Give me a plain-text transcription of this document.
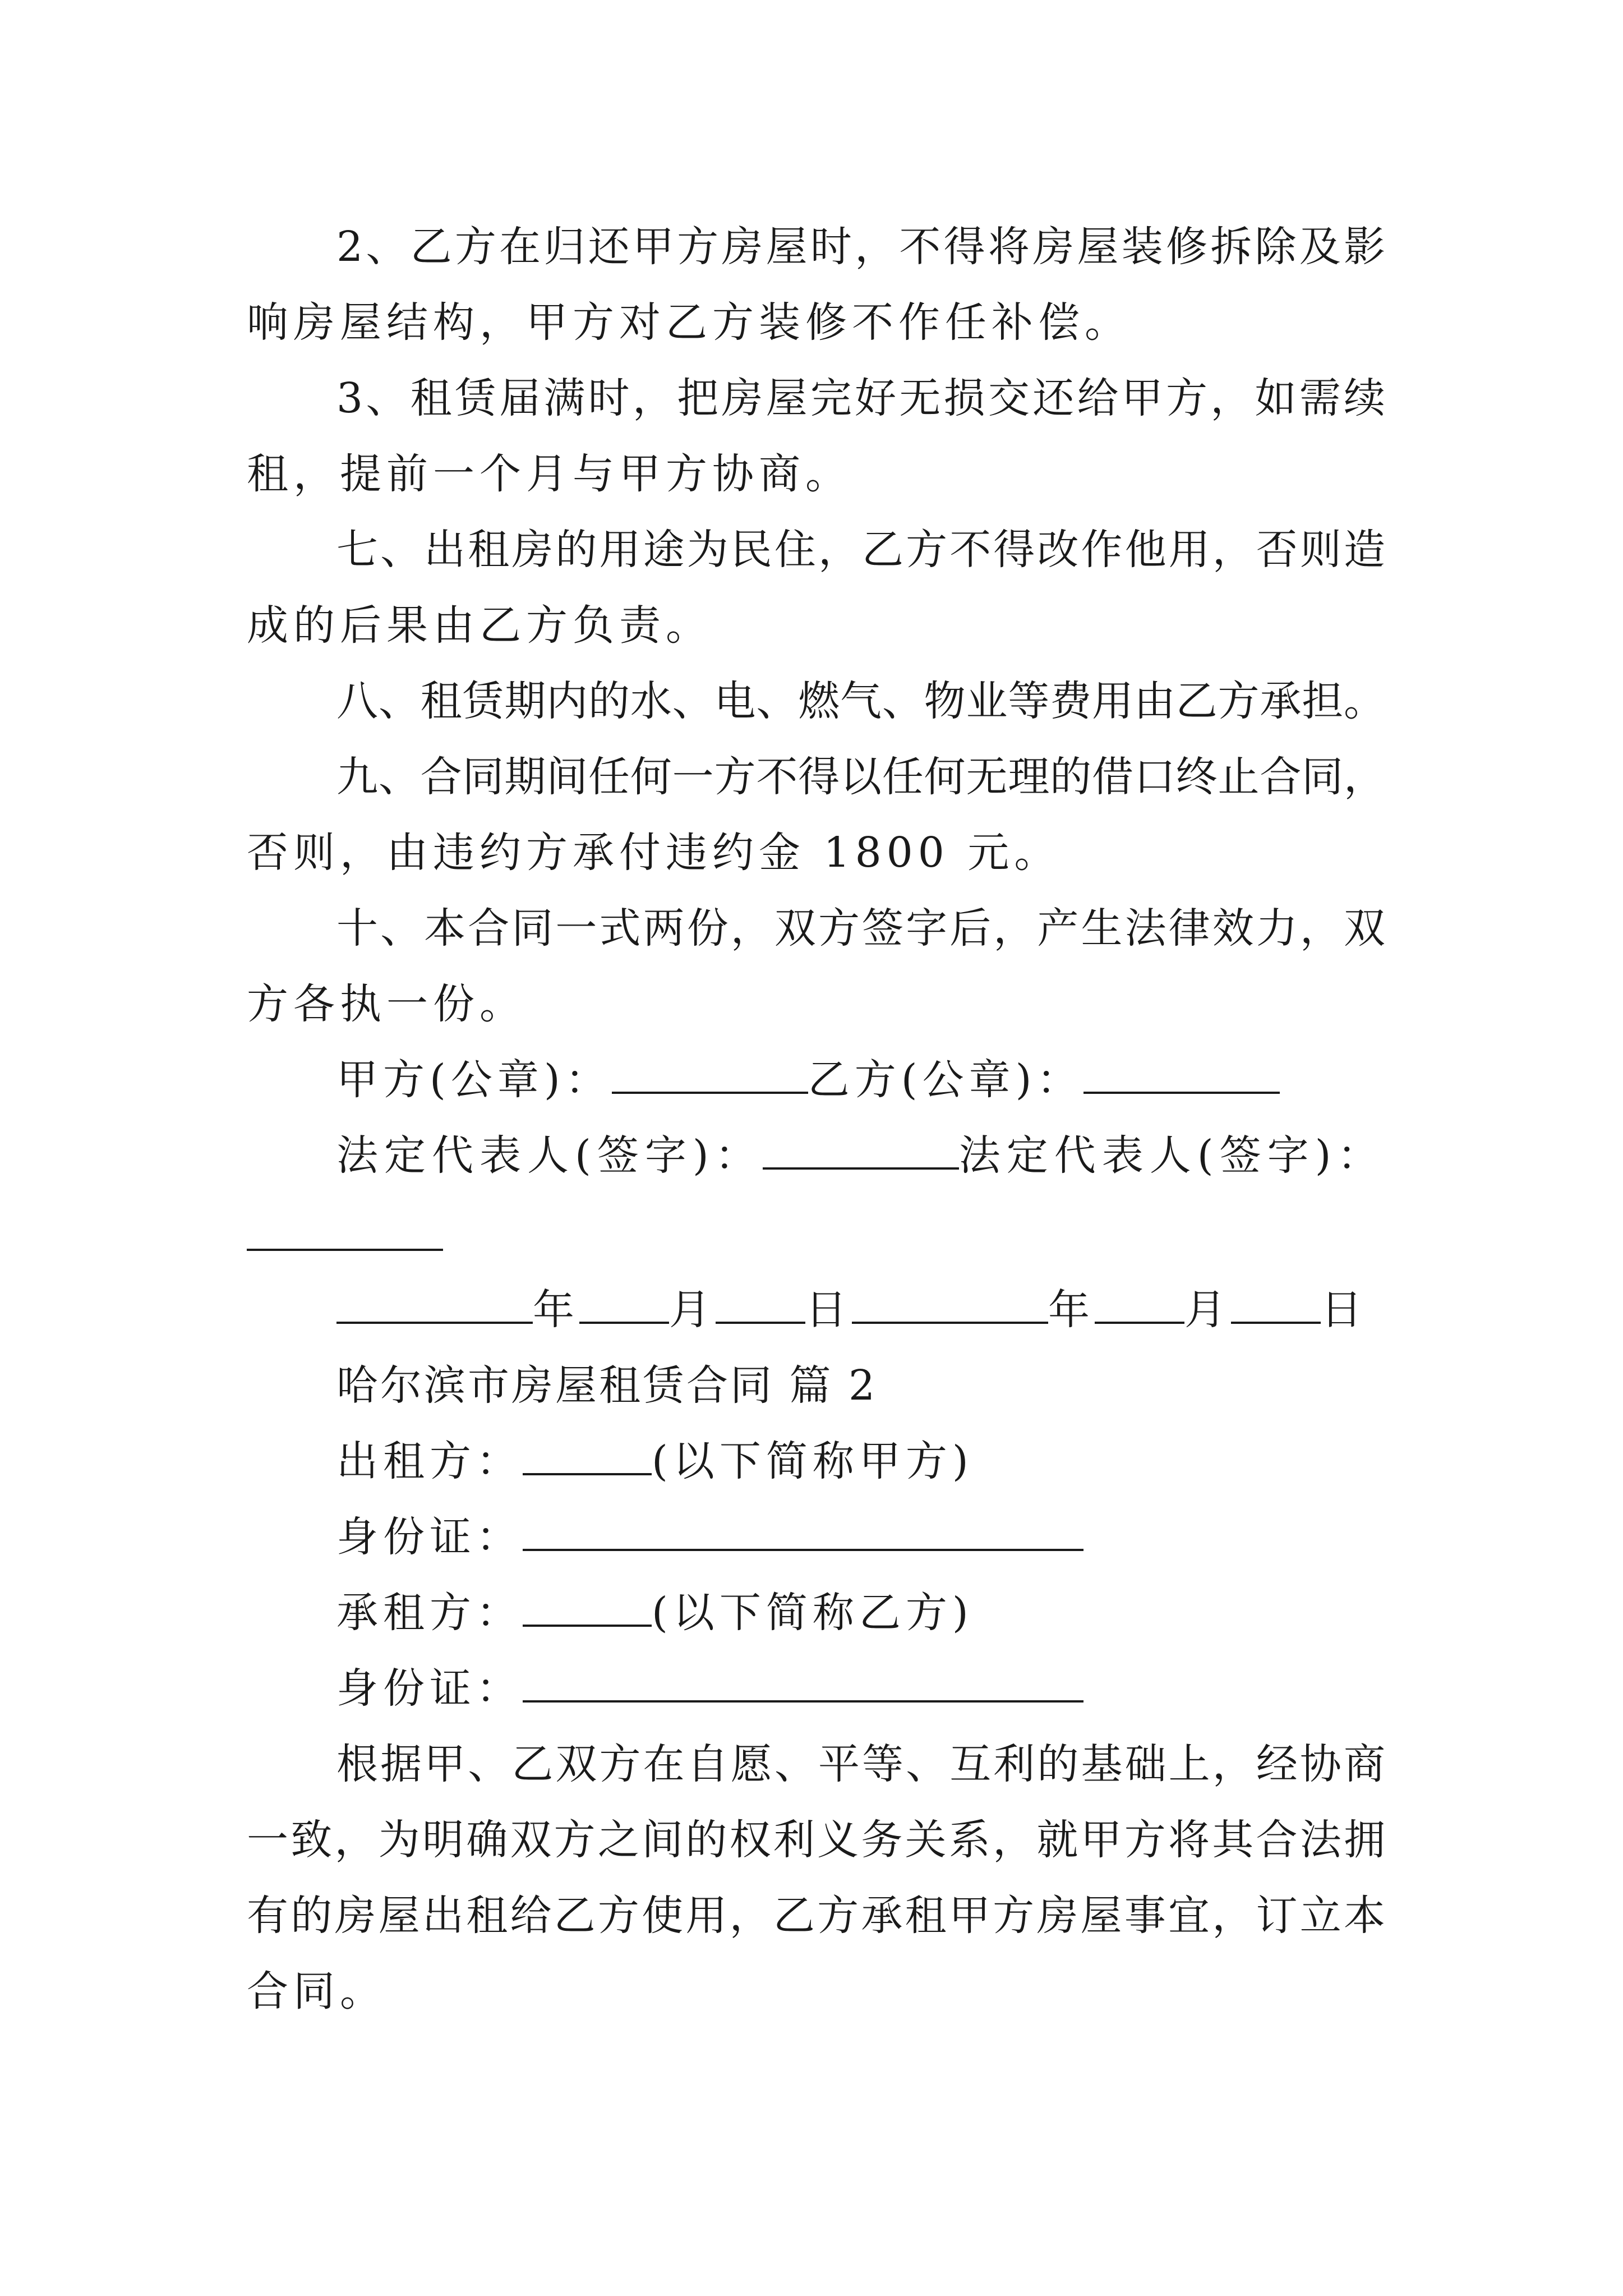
2、乙方在归还甲方房屋时，不得将房屋装修拆除及影
响房屋结构，甲方对乙方装修不作任补偿。
3、租赁届满时，把房屋完好无损交还给甲方，如需续
租，提前一个月与甲方协商。
七、出租房的用途为民住，乙方不得改作他用，否则造
成的后果由乙方负责。
八、租赁期内的水、电、燃气、物业等费用由乙方承担。
九、合同期间任何一方不得以任何无理的借口终止合同，
否则，由违约方承付违约金 1800 元。
十、本合同一式两份，双方签字后，产生法律效力，双
方各执一份。
甲方(公章)：	乙方(公章)：
法定代表人(签字)：	法定代表人(签字)：
年 月 日	年 月 日
哈尔滨市房屋租赁合同 篇 2
出租方：	(以下简称甲方)
身份证：
承租方：	(以下简称乙方)
身份证：
根据甲、乙双方在自愿、平等、互利的基础上，经协商
一致，为明确双方之间的权利义务关系，就甲方将其合法拥
有的房屋出租给乙方使用，乙方承租甲方房屋事宜，订立本
合同。
